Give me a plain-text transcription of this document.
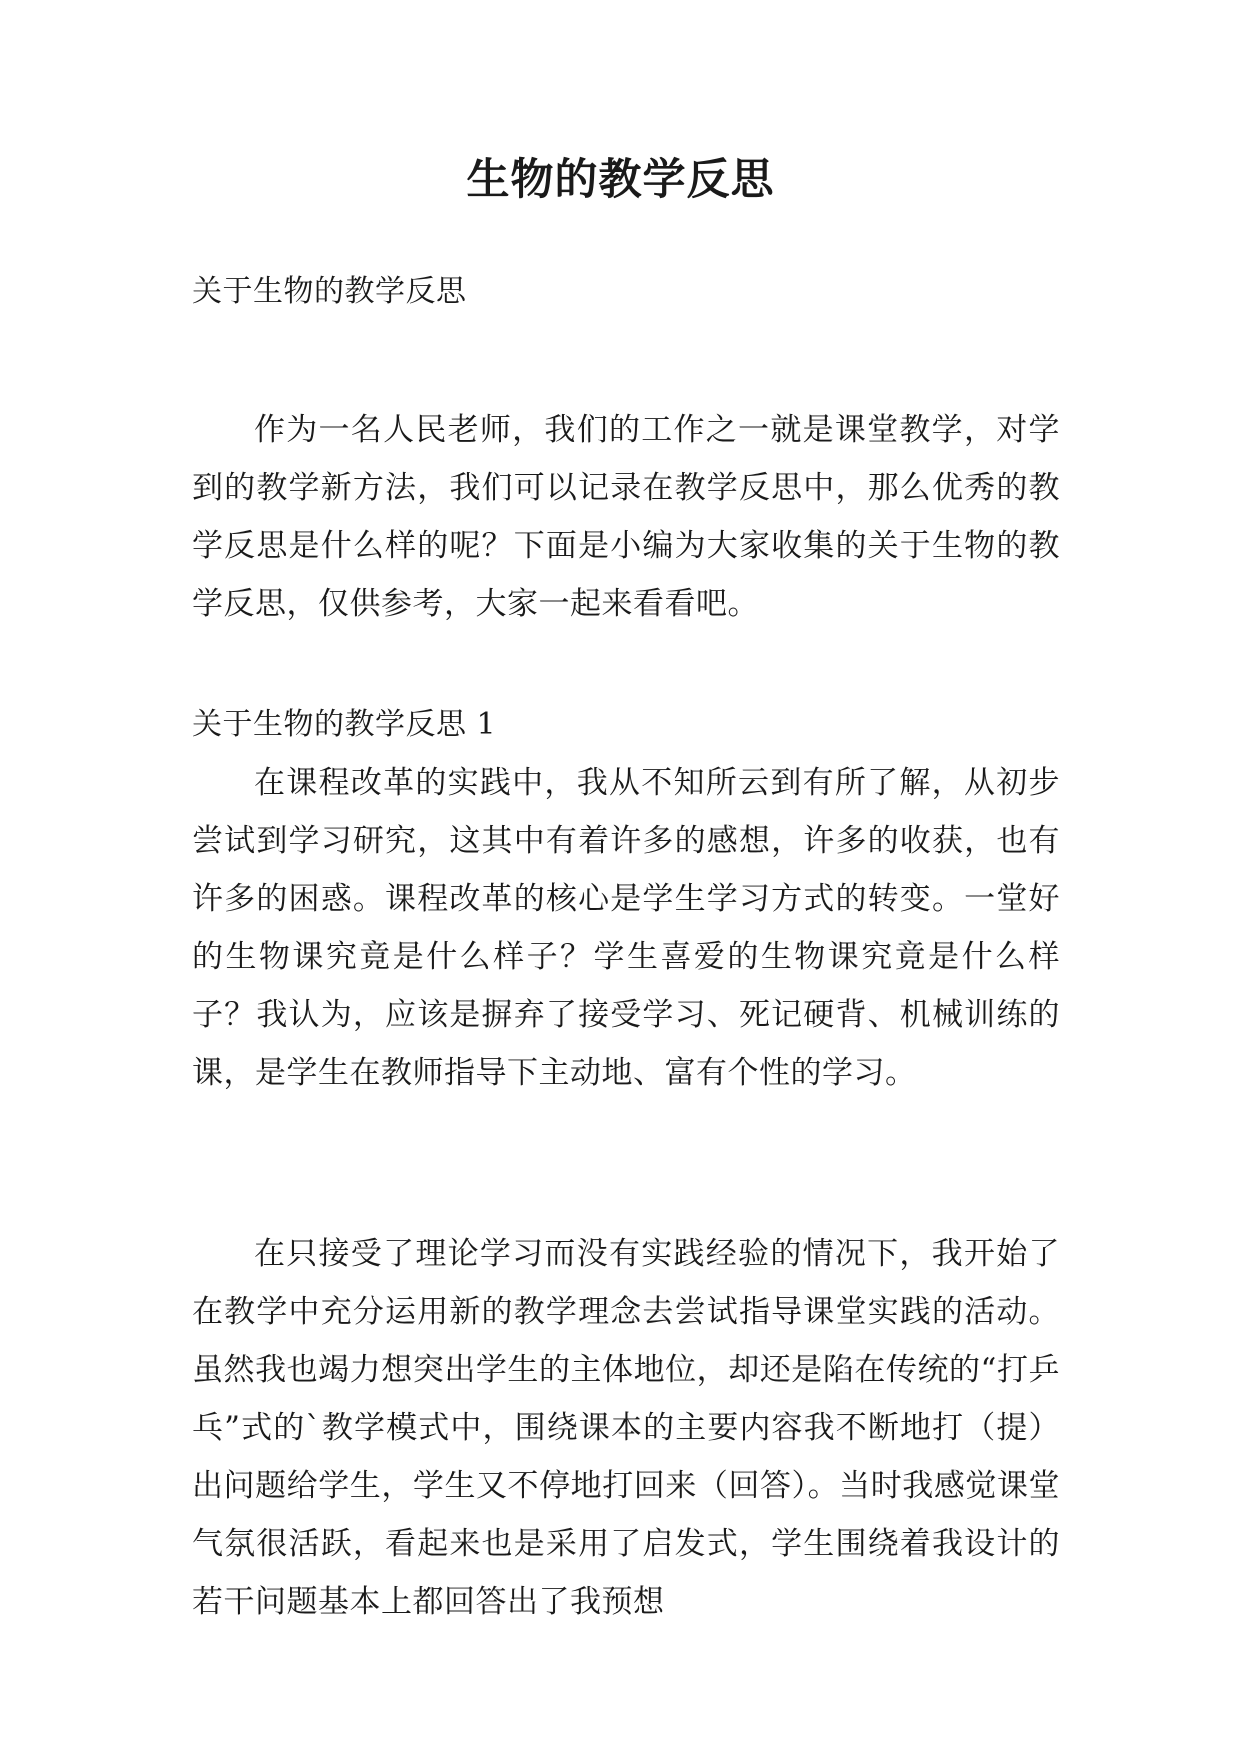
生物的教学反思
关于生物的教学反思
作为一名人民老师，我们的工作之一就是课堂教学，对学到的教学新方法，我们可以记录在教学反思中，那么优秀的教学反思是什么样的呢？下面是小编为大家收集的关于生物的教学反思，仅供参考，大家一起来看看吧。
关于生物的教学反思 1
在课程改革的实践中，我从不知所云到有所了解，从初步尝试到学习研究，这其中有着许多的感想，许多的收获，也有许多的困惑。课程改革的核心是学生学习方式的转变。一堂好的生物课究竟是什么样子？学生喜爱的生物课究竟是什么样子？我认为，应该是摒弃了接受学习、死记硬背、机械训练的课，是学生在教师指导下主动地、富有个性的学习。
在只接受了理论学习而没有实践经验的情况下，我开始了在教学中充分运用新的教学理念去尝试指导课堂实践的活动。虽然我也竭力想突出学生的主体地位，却还是陷在传统的“打乒乓”式的`教学模式中，围绕课本的主要内容我不断地打（提）出问题给学生，学生又不停地打回来（回答）。当时我感觉课堂气氛很活跃，看起来也是采用了启发式，学生围绕着我设计的若干问题基本上都回答出了我预想
